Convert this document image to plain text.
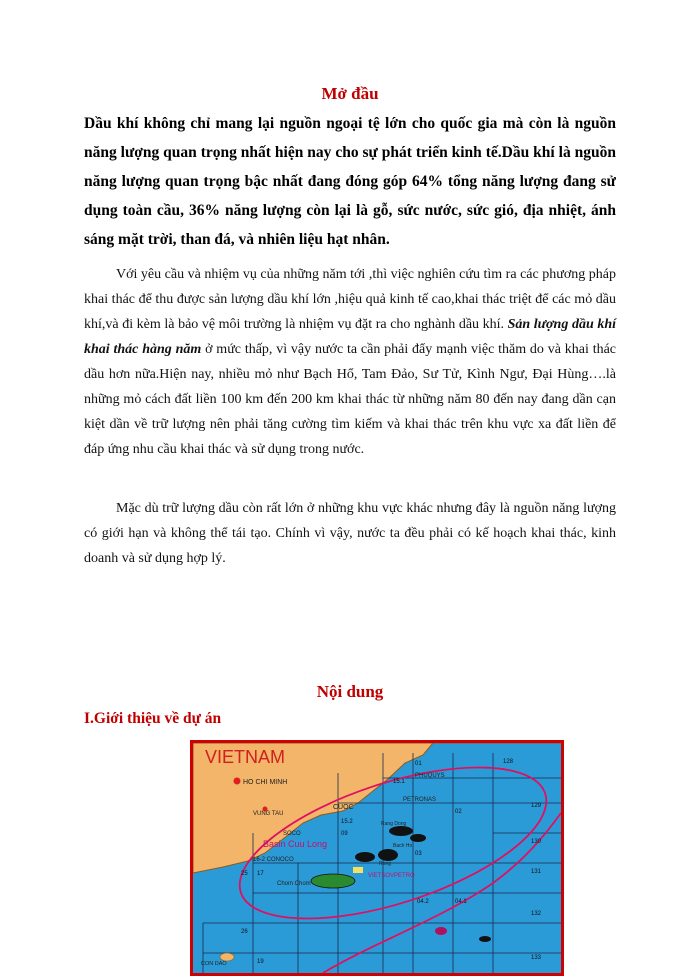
Mở đầu
Dầu khí không chỉ mang lại nguồn ngoại tệ lớn cho quốc gia mà còn là nguồn năng lượng quan trọng nhất hiện nay cho sự phát triển kinh tế.Dầu khí là nguồn năng lượng quan trọng bậc nhất đang đóng góp 64% tổng năng lượng đang sử dụng toàn cầu, 36% năng lượng còn lại là gỗ, sức nước, sức gió, địa nhiệt, ánh sáng mặt trời, than đá, và nhiên liệu hạt nhân.
Với yêu cầu và nhiệm vụ của những năm tới ,thì việc nghiên cứu tìm ra các phương pháp khai thác để thu được sản lượng dầu khí lớn ,hiệu quả kinh tế cao,khai thác triệt để các mỏ dầu khí,và đi kèm là bảo vệ môi trường là nhiệm vụ đặt ra cho nghành dầu khí. Sản lượng dầu khí khai thác hàng năm ở mức thấp, vì vậy nước ta cần phải đẩy mạnh việc thăm do và khai thác dầu hơn nữa.Hiện nay, nhiều mỏ như Bạch Hổ, Tam Đảo, Sư Tử, Kình Ngư, Đại Hùng….là những mỏ cách đất liền 100 km đến 200 km khai thác từ những năm 80 đến nay đang dần cạn kiệt dần về trữ lượng nên phải tăng cường tìm kiếm và khai thác trên khu vực xa đất liền để đáp ứng nhu cầu khai thác và sử dụng trong nước.
Mặc dù trữ lượng dầu còn rất lớn ở những khu vực khác nhưng đây là nguồn năng lượng có giới hạn và không thể tái tạo. Chính vì vậy, nước ta đều phải có kế hoạch khai thác, kinh doanh và sử dụng hợp lý.
Nội dung
I.Giới thiệu về dự án
VIETNAM
HO CHI MINH
VUNG TAU
PHUQUYS
PETRONAS
CUOC
SOCO
Basin Cuu Long
16-2 CONOCO
Rang Dong
Bach Ho
Rong
VIETSOVPETRO
Chom Chom
CON DAO
01
02
03
09
15.1
15.2
17
25
26
19
04.1
04.2
128
129
130
131
132
133
